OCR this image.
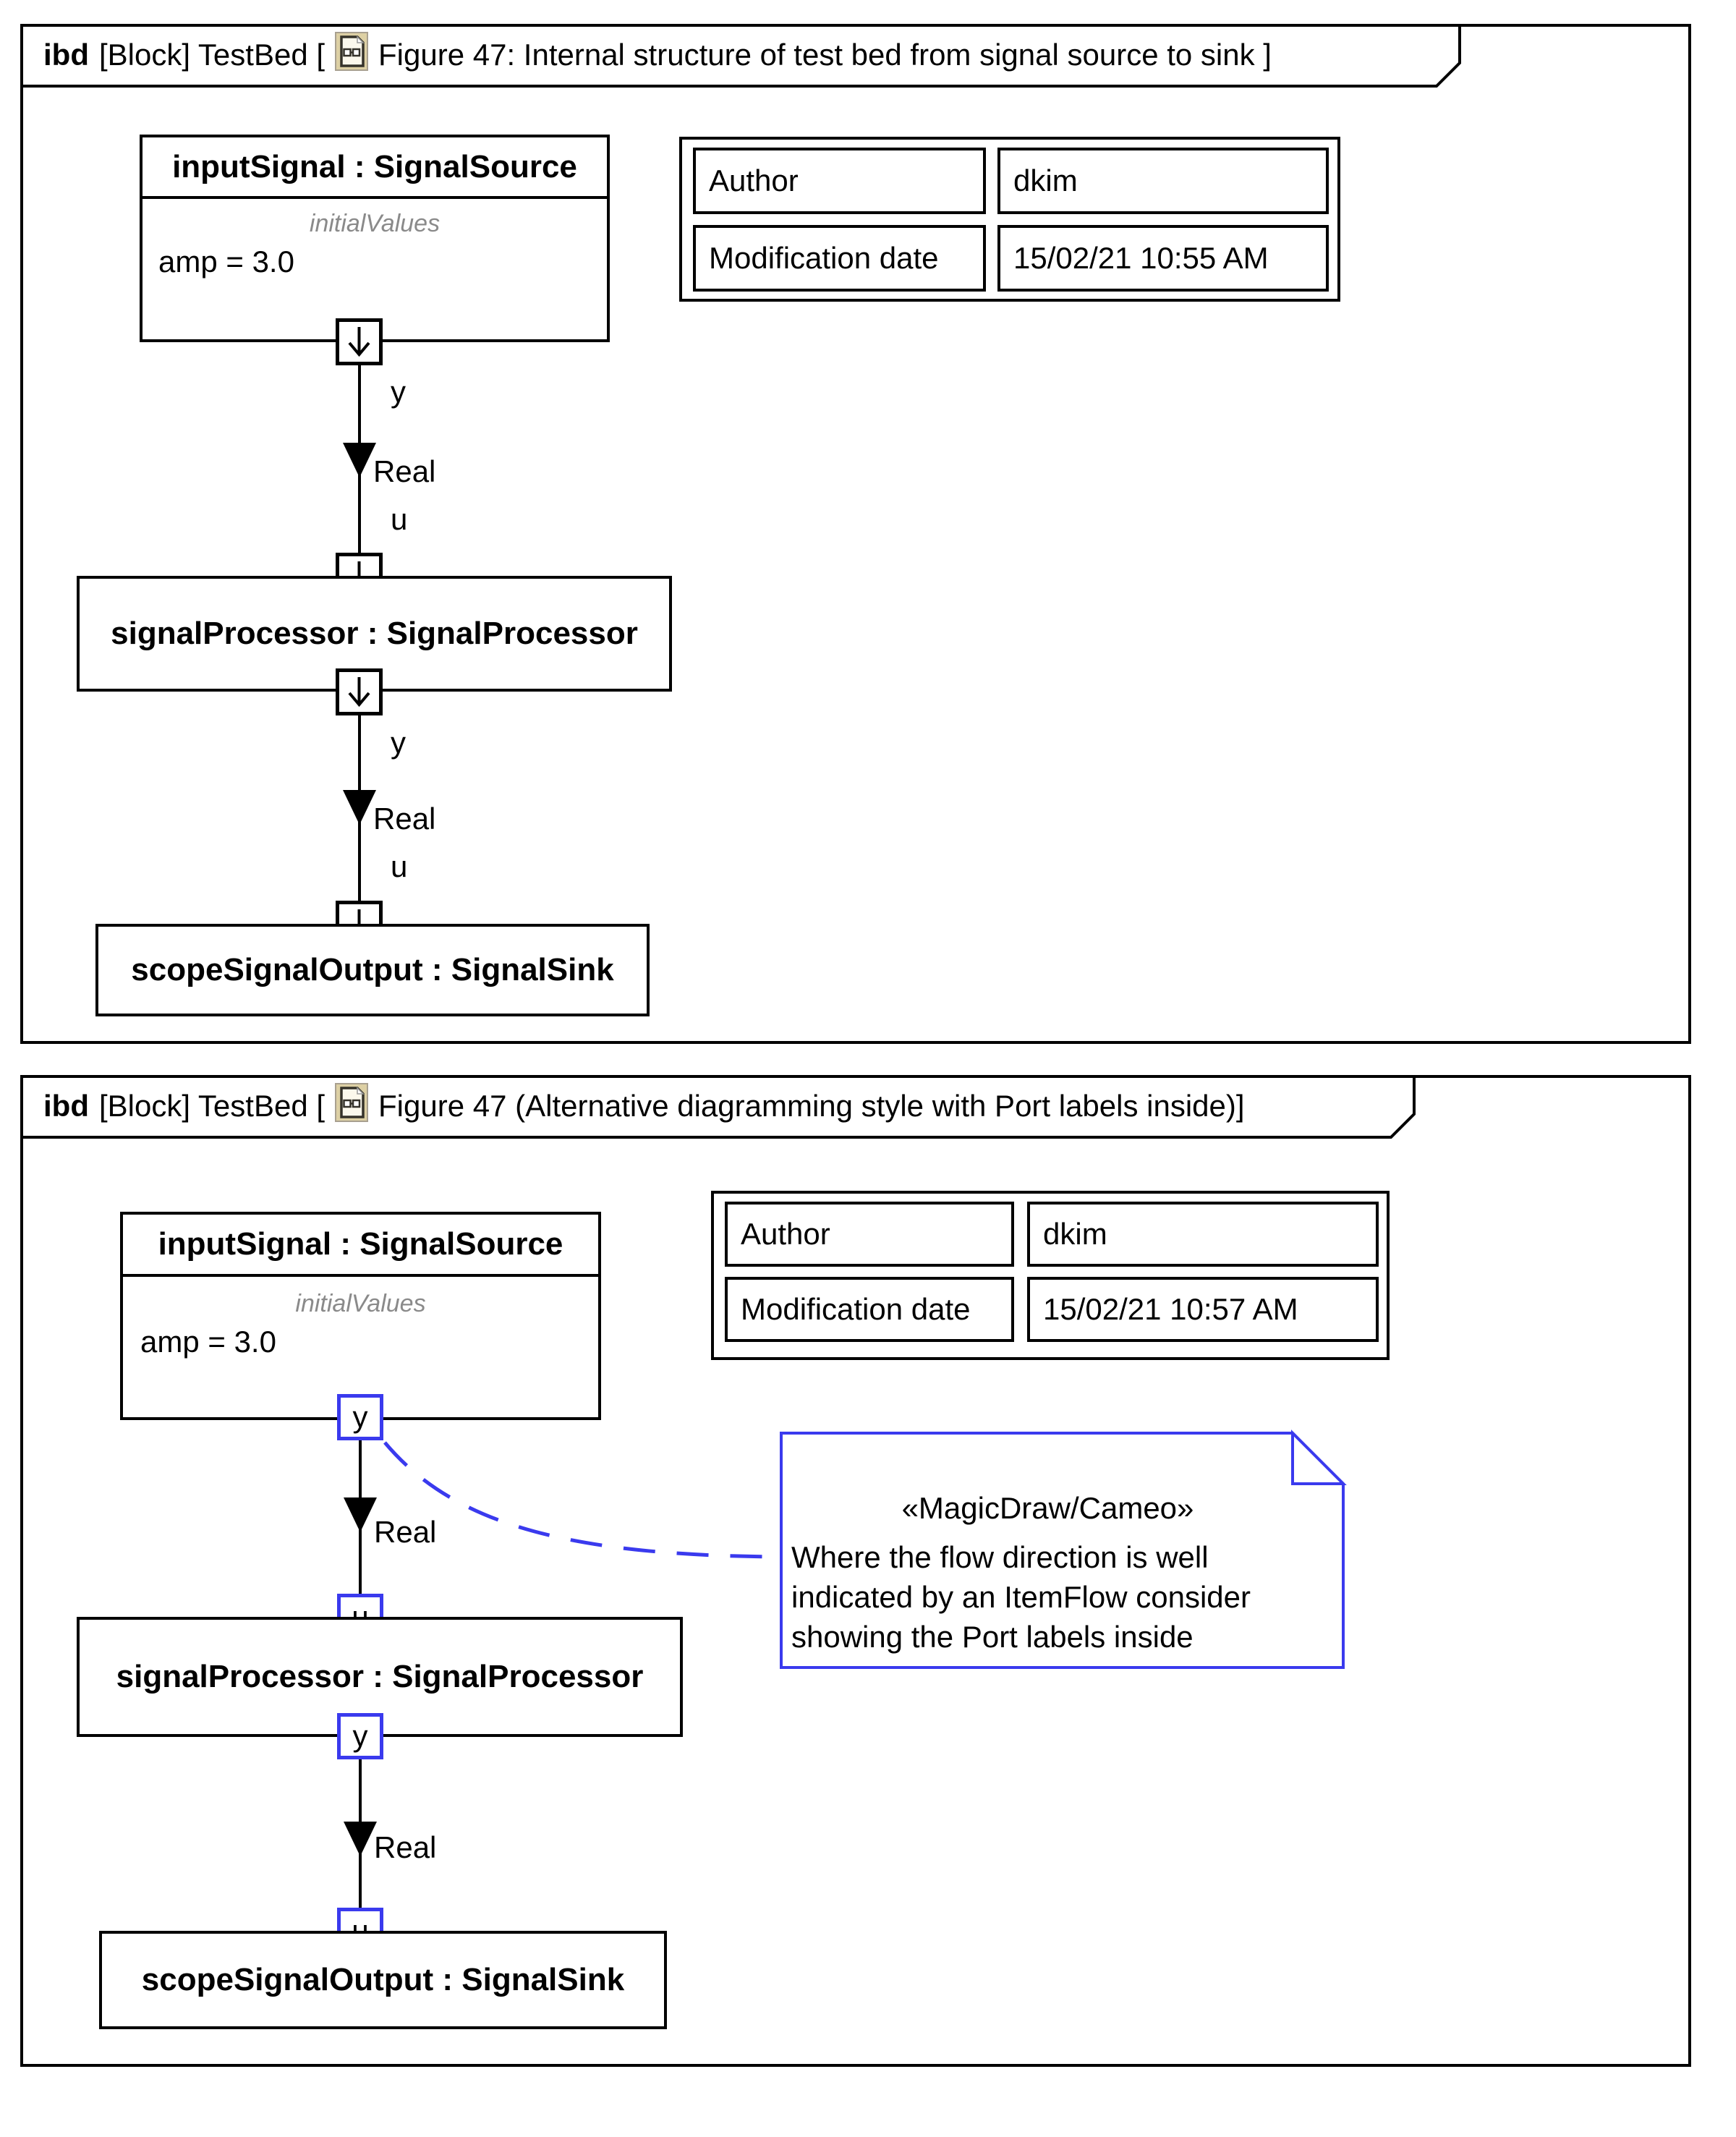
ibd [Block] TestBed [ Figure 47: Internal structure of test bed from signal source to sink ]
inputSignal : SignalSource
initialValues
amp = 3.0
y
Real
u
signalProcessor : SignalProcessor
y
Real
u
scopeSignalOutput : SignalSink
Author	dkim
Modification date	15/02/21 10:55 AM
ibd [Block] TestBed [ Figure 47 (Alternative diagramming style with Port labels inside)]
inputSignal : SignalSource
initialValues
amp = 3.0
y
Real
signalProcessor : SignalProcessor
y
Real
scopeSignalOutput : SignalSink
Author	dkim
Modification date	15/02/21 10:57 AM
«MagicDraw/Cameo»
Where the flow direction is well
indicated by an ItemFlow consider
showing the Port labels inside
